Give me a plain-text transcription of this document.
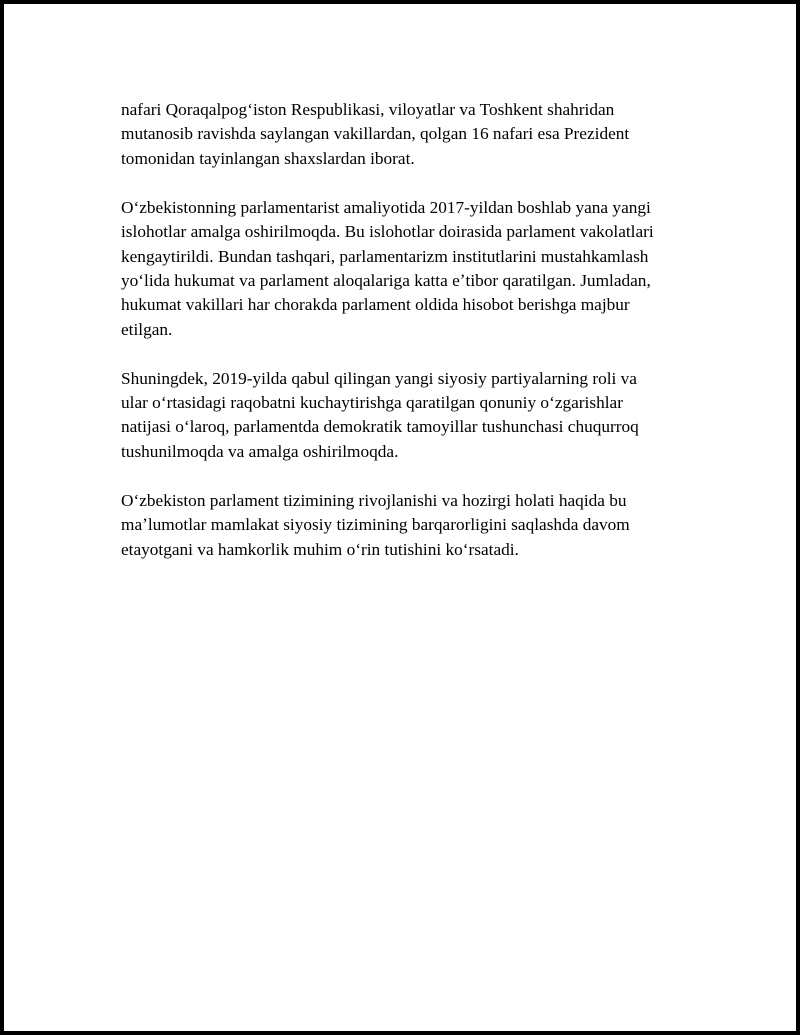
nafari Qoraqalpogʻiston Respublikasi, viloyatlar va Toshkent shahridan
mutanosib ravishda saylangan vakillardan, qolgan 16 nafari esa Prezident
tomonidan tayinlangan shaxslardan iborat.

Oʻzbekistonning parlamentarist amaliyotida 2017-yildan boshlab yana yangi
islohotlar amalga oshirilmoqda. Bu islohotlar doirasida parlament vakolatlari
kengaytirildi. Bundan tashqari, parlamentarizm institutlarini mustahkamlash
yoʻlida hukumat va parlament aloqalariga katta eʼtibor qaratilgan. Jumladan,
hukumat vakillari har chorakda parlament oldida hisobot berishga majbur
etilgan.

Shuningdek, 2019-yilda qabul qilingan yangi siyosiy partiyalarning roli va
ular oʻrtasidagi raqobatni kuchaytirishga qaratilgan qonuniy oʻzgarishlar
natijasi oʻlaroq, parlamentda demokratik tamoyillar tushunchasi chuqurroq
tushunilmoqda va amalga oshirilmoqda.

Oʻzbekiston parlament tizimining rivojlanishi va hozirgi holati haqida bu
maʼlumotlar mamlakat siyosiy tizimining barqarorligini saqlashda davom
etayotgani va hamkorlik muhim oʻrin tutishini koʻrsatadi.
